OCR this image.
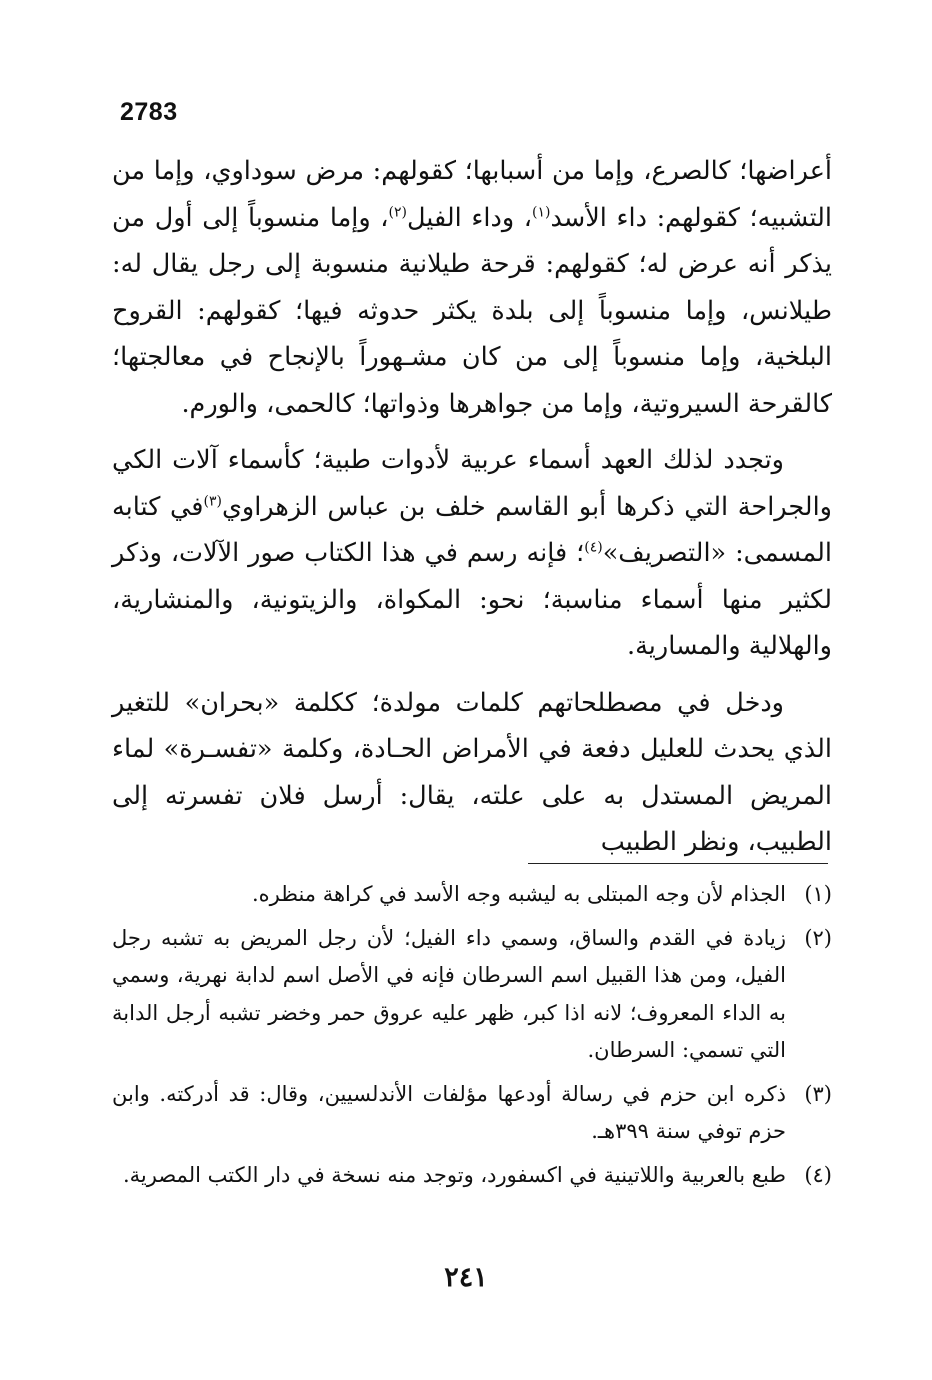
2783

أعراضها؛ كالصرع، وإما من أسبابها؛ كقولهم: مرض سوداوي، وإما من التشبيه؛ كقولهم: داء الأسد$^{(١)}$، وداء الفيل$^{(٢)}$، وإما منسوباً إلى أول من يذكر أنه عرض له؛ كقولهم: قرحة طيلانية منسوبة إلى رجل يقال له: طيلانس، وإما منسوباً إلى بلدة يكثر حدوثه فيها؛ كقولهم: القروح البلخية، وإما منسوباً إلى من كان مشـهوراً بالإنجاح في معالجتها؛ كالقرحة السيروتية، وإما من جواهرها وذواتها؛ كالحمى، والورم.

وتجدد لذلك العهد أسماء عربية لأدوات طبية؛ كأسماء آلات الكي والجراحة التي ذكرها أبو القاسم خلف بن عباس الزهراوي$^{(٣)}$في كتابه المسمى: «التصريف»$^{(٤)}$؛ فإنه رسم في هذا الكتاب صور الآلات، وذكر لكثير منها أسماء مناسبة؛ نحو: المكواة، والزيتونية، والمنشارية، والهلالية والمسارية.

ودخل في مصطلحاتهم كلمات مولدة؛ ككلمة «بحران» للتغير الذي يحدث للعليل دفعة في الأمراض الحـادة، وكلمة «تفسـرة» لماء المريض المستدل به على علته، يقال: أرسل فلان تفسرته إلى الطبيب، ونظر الطبيب

(١)
الجذام لأن وجه المبتلى به ليشبه وجه الأسد في كراهة منظره.
(٢)
زيادة في القدم والساق، وسمي داء الفيل؛ لأن رجل المريض به تشبه رجل الفيل، ومن هذا القبيل اسم السرطان فإنه في الأصل اسم لدابة نهرية، وسمي به الداء المعروف؛ لانه اذا كبر، ظهر عليه عروق حمر وخضر تشبه أرجل الدابة التي تسمي: السرطان.
(٣)
ذكره ابن حزم في رسالة أودعها مؤلفات الأندلسيين، وقال: قد أدركته. وابن حزم توفي سنة ٣٩٩هـ.
(٤)
طبع بالعربية واللاتينية في اكسفورد، وتوجد منه نسخة في دار الكتب المصرية.
٢٤١
